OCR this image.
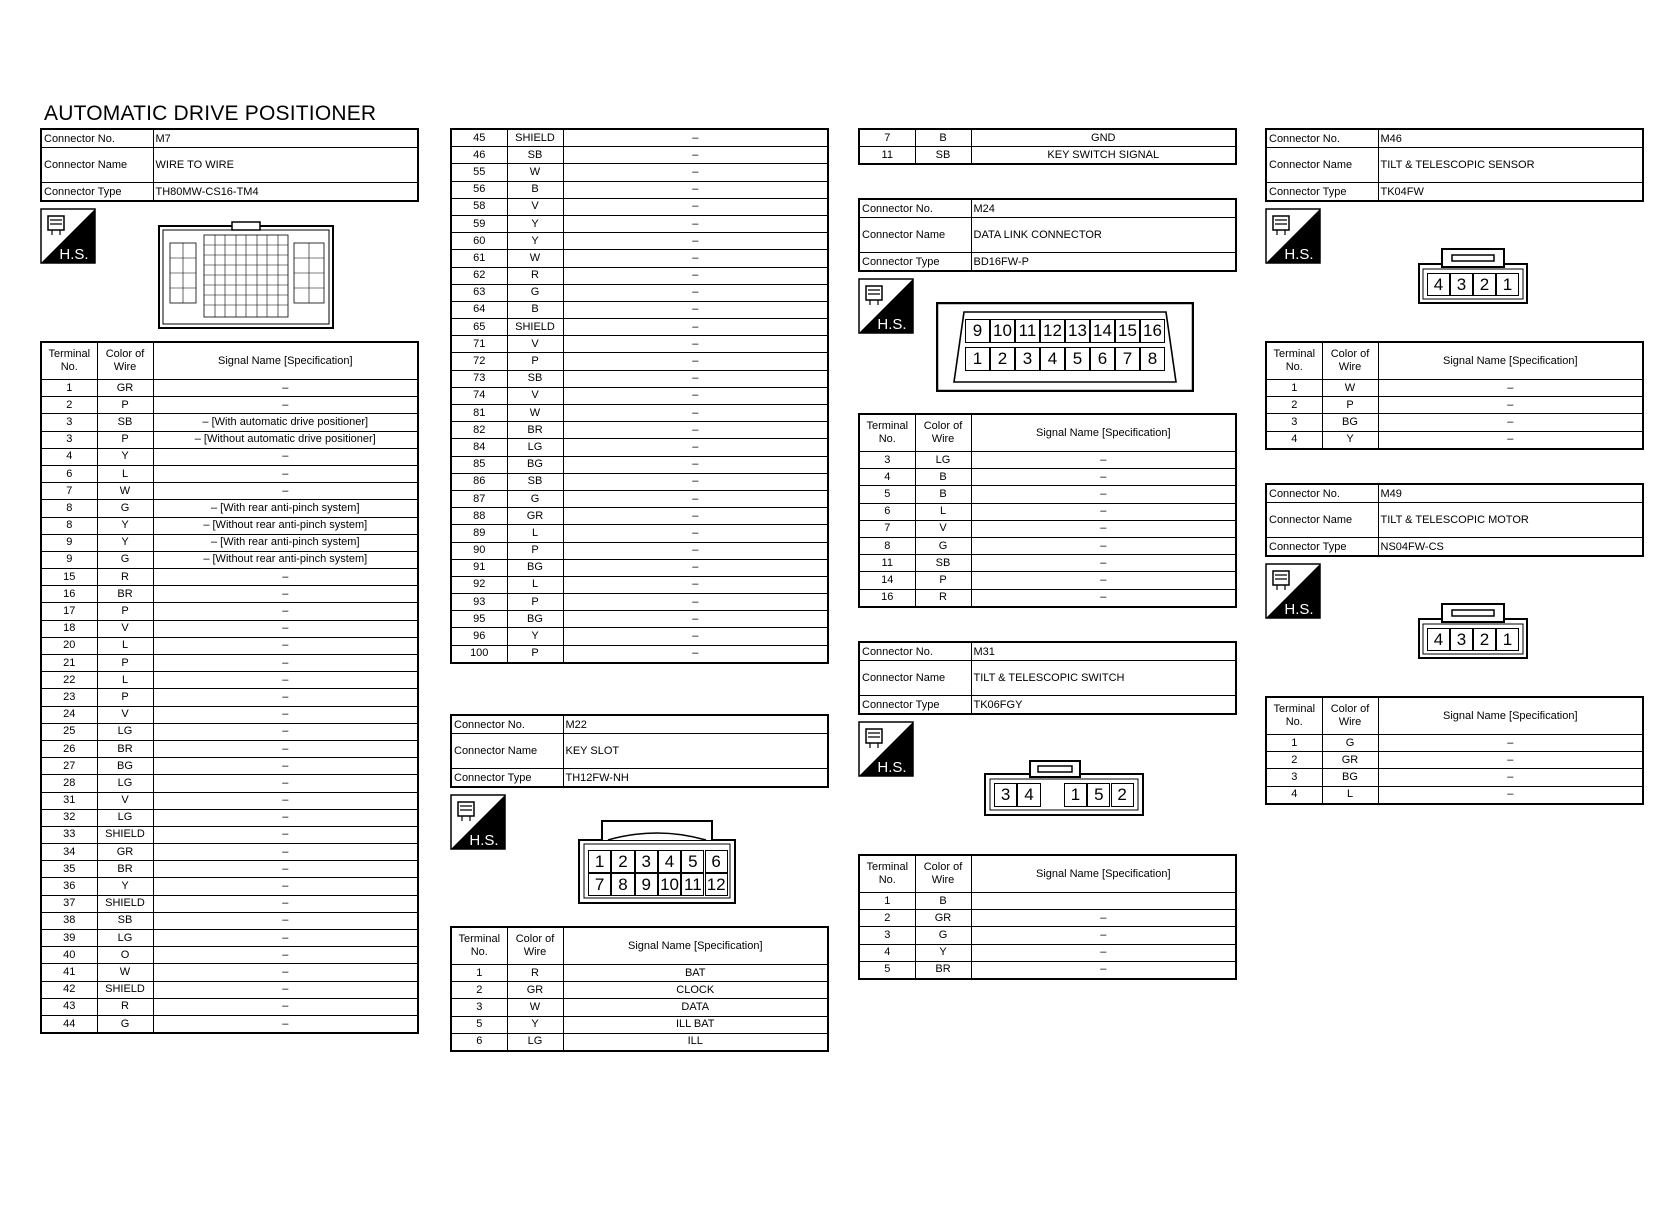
AUTOMATIC DRIVE POSITIONER
Connector No.	M7
Connector Name	WIRE TO WIRE
Connector Type	TH80MW-CS16-TM4
H.S.
Terminal No.	Color of Wire	Signal Name [Specification]
1	GR	–
2	P	–
3	SB	– [With automatic drive positioner]
3	P	– [Without automatic drive positioner]
4	Y	–
6	L	–
7	W	–
8	G	– [With rear anti-pinch system]
8	Y	– [Without rear anti-pinch system]
9	Y	– [With rear anti-pinch system]
9	G	– [Without rear anti-pinch system]
15	R	–
16	BR	–
17	P	–
18	V	–
20	L	–
21	P	–
22	L	–
23	P	–
24	V	–
25	LG	–
26	BR	–
27	BG	–
28	LG	–
31	V	–
32	LG	–
33	SHIELD	–
34	GR	–
35	BR	–
36	Y	–
37	SHIELD	–
38	SB	–
39	LG	–
40	O	–
41	W	–
42	SHIELD	–
43	R	–
44	G	–
45	SHIELD	–
46	SB	–
55	W	–
56	B	–
58	V	–
59	Y	–
60	Y	–
61	W	–
62	R	–
63	G	–
64	B	–
65	SHIELD	–
71	V	–
72	P	–
73	SB	–
74	V	–
81	W	–
82	BR	–
84	LG	–
85	BG	–
86	SB	–
87	G	–
88	GR	–
89	L	–
90	P	–
91	BG	–
92	L	–
93	P	–
95	BG	–
96	Y	–
100	P	–
Connector No.	M22
Connector Name	KEY SLOT
Connector Type	TH12FW-NH
H.S.
1 2 3 4 5 6
7 8 9 10 11 12
Terminal No.	Color of Wire	Signal Name [Specification]
1	R	BAT
2	GR	CLOCK
3	W	DATA
5	Y	ILL BAT
6	LG	ILL
7	B	GND
11	SB	KEY SWITCH SIGNAL
Connector No.	M24
Connector Name	DATA LINK CONNECTOR
Connector Type	BD16FW-P
H.S.	9 10 11 12 13 14 15 16
1 2 3 4 5 6 7 8
Terminal No.	Color of Wire	Signal Name [Specification]
3	LG	–
4	B	–
5	B	–
6	L	–
7	V	–
8	G	–
11	SB	–
14	P	–
16	R	–
Connector No.	M31
Connector Name	TILT & TELESCOPIC SWITCH
Connector Type	TK06FGY
H.S.
3 4	1 5 2
Terminal No.	Color of Wire	Signal Name [Specification]
1	B	
2	GR	–
3	G	–
4	Y	–
5	BR	–
Connector No.	M46
Connector Name	TILT & TELESCOPIC SENSOR
Connector Type	TK04FW
H.S.
4 3 2 1
Terminal No.	Color of Wire	Signal Name [Specification]
1	W	–
2	P	–
3	BG	–
4	Y	–
Connector No.	M49
Connector Name	TILT & TELESCOPIC MOTOR
Connector Type	NS04FW-CS
H.S.
4 3 2 1
Terminal No.	Color of Wire	Signal Name [Specification]
1	G	–
2	GR	–
3	BG	–
4	L	–
